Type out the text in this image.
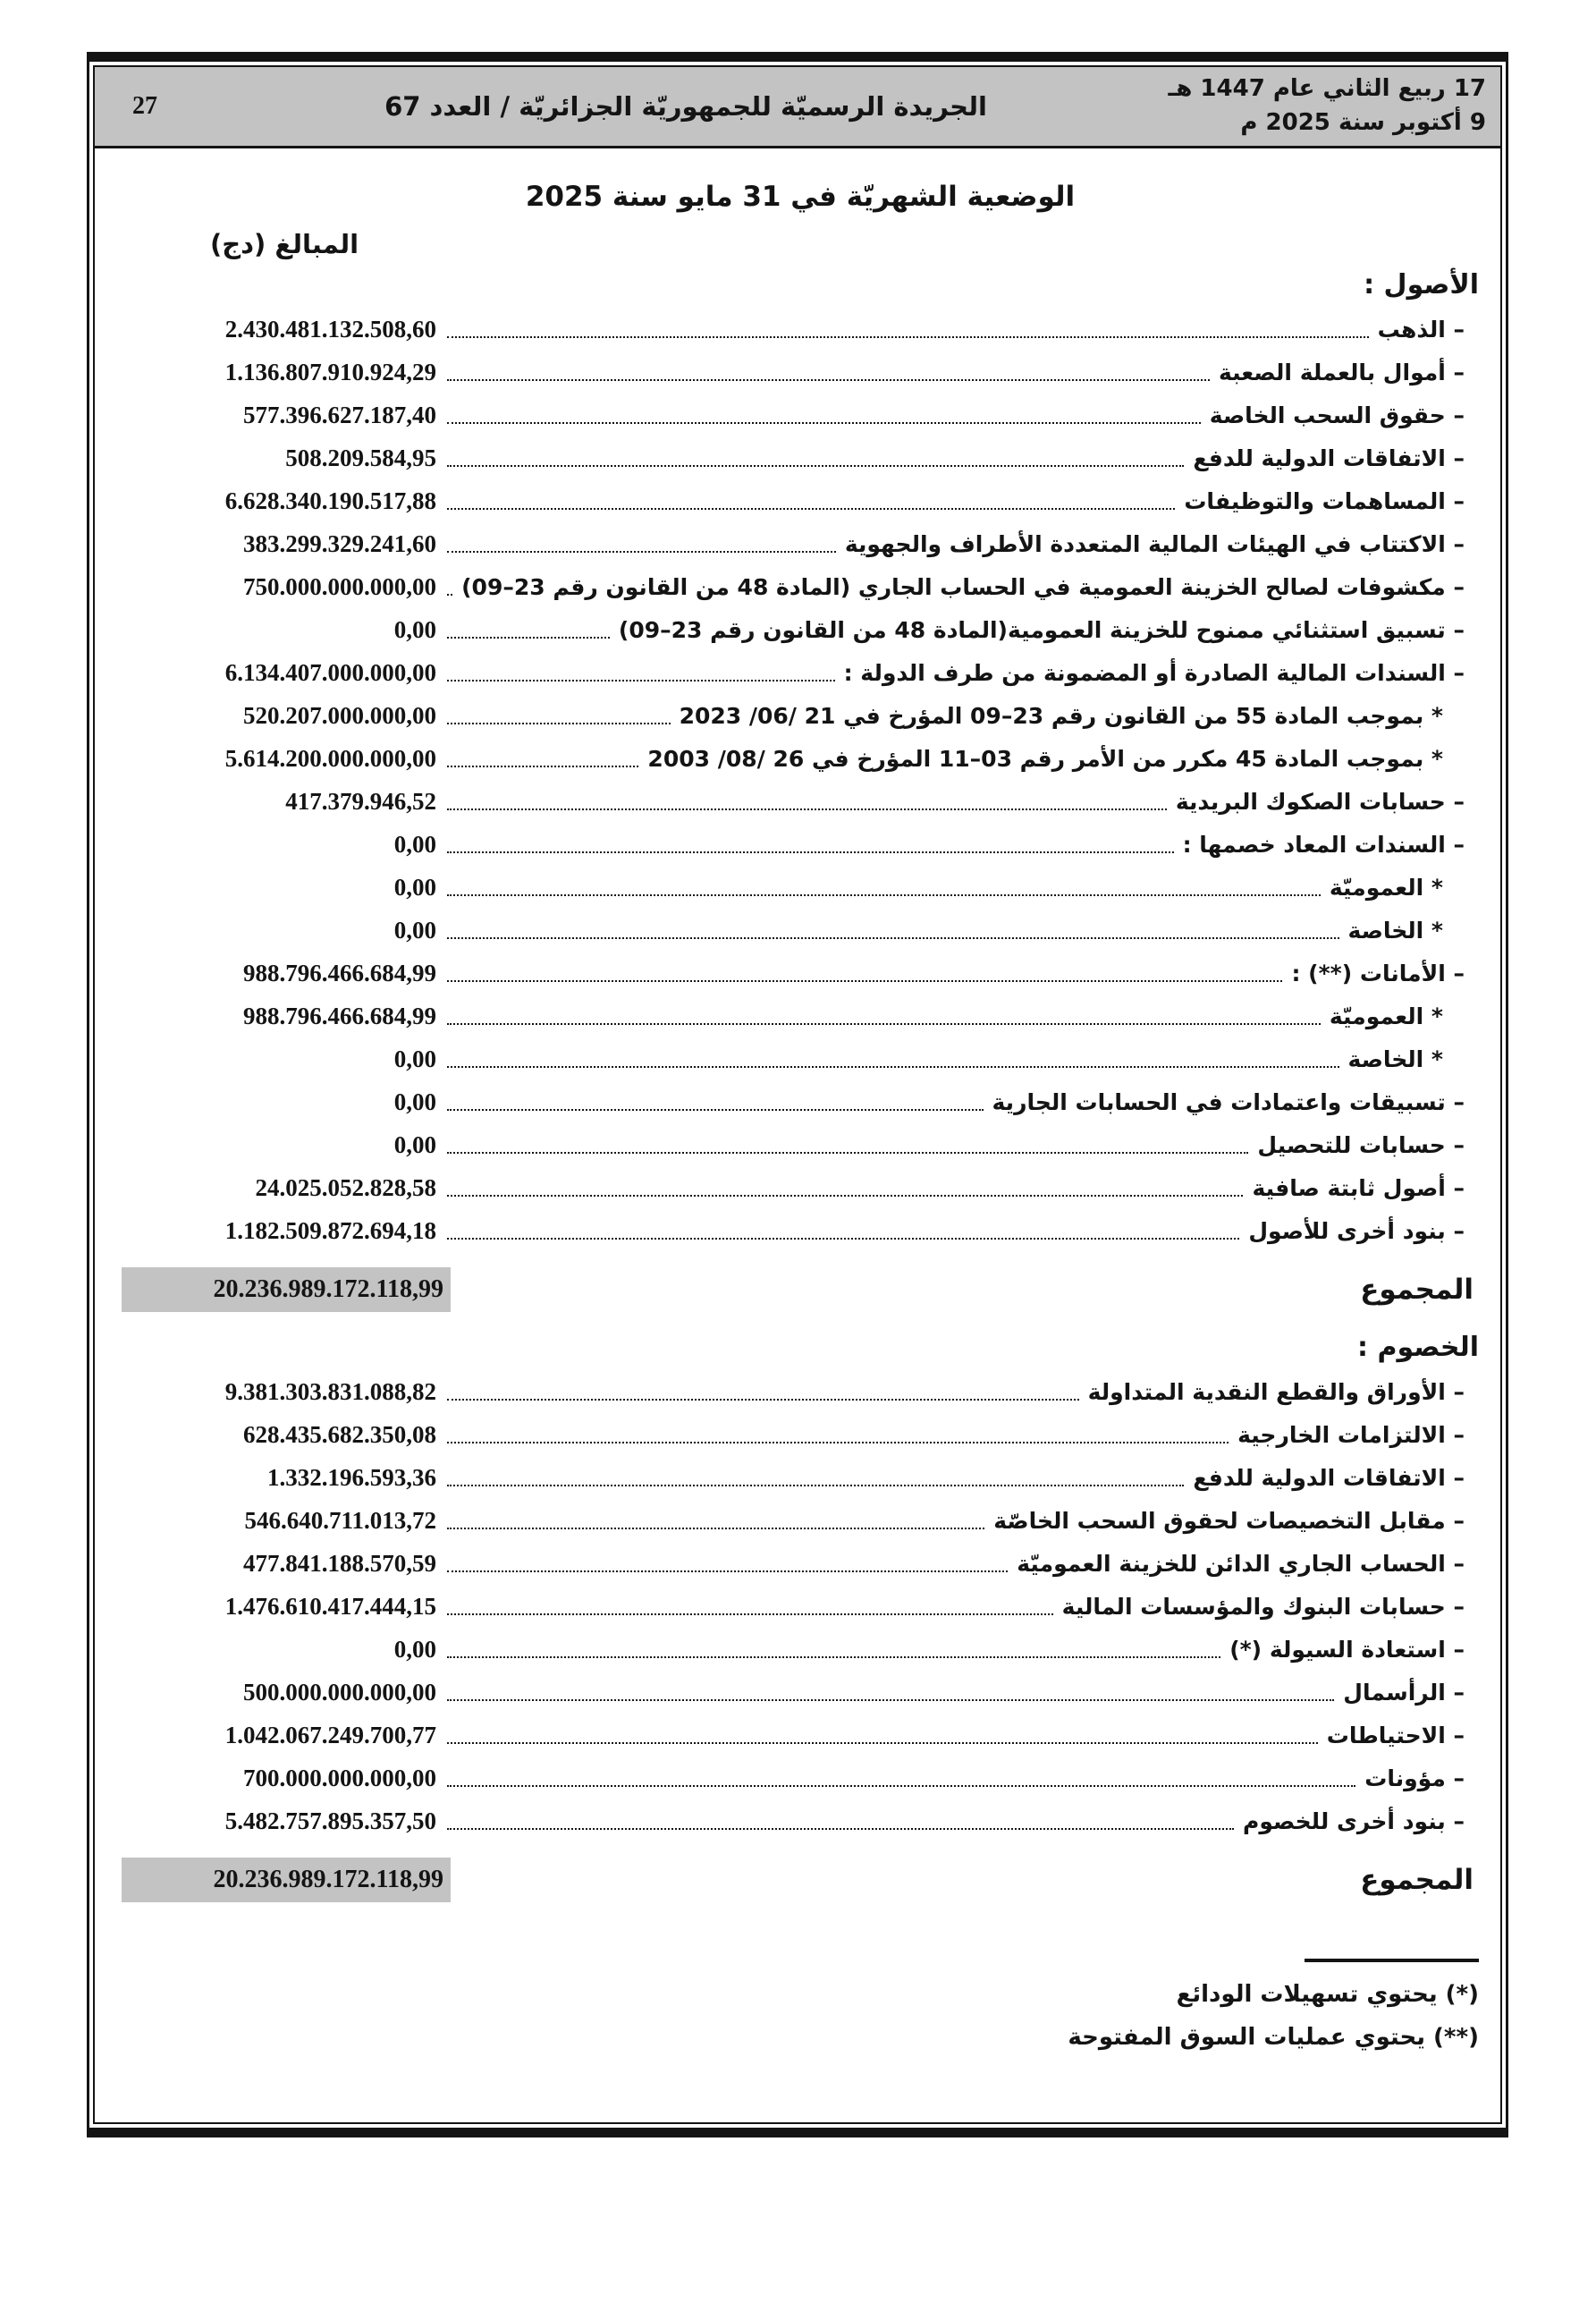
27	الجريدة الرسميّة للجمهوريّة الجزائريّة / العدد 67
17 ربيع الثاني عام 1447 هـ
9 أكتوبر سنة 2025 م
الوضعية الشهريّة في 31 مايو سنة 2025
المبالغ (دج)
الأصول :
– الذهب
2.430.481.132.508,60
– أموال بالعملة الصعبة
1.136.807.910.924,29
– حقوق السحب الخاصة
577.396.627.187,40
– الاتفاقات الدولية للدفع
508.209.584,95
– المساهمات والتوظيفات
6.628.340.190.517,88
– الاكتتاب في الهيئات المالية المتعددة الأطراف والجهوية
383.299.329.241,60
– مكشوفات لصالح الخزينة العمومية في الحساب الجاري (المادة 48 من القانون رقم 23–09)
750.000.000.000,00
– تسبيق استثنائي ممنوح للخزينة العمومية(المادة 48 من القانون رقم 23–09)
0,00
– السندات المالية الصادرة أو المضمونة من طرف الدولة :
6.134.407.000.000,00
* بموجب المادة 55 من القانون رقم 23–09 المؤرخ في 21 /06/ 2023
520.207.000.000,00
* بموجب المادة 45 مكرر من الأمر رقم 03–11 المؤرخ في 26 /08/ 2003
5.614.200.000.000,00
– حسابات الصكوك البريدية
417.379.946,52
– السندات المعاد خصمها :
0,00
* العموميّة
0,00
* الخاصة
0,00
– الأمانات (**) :
988.796.466.684,99
* العموميّة
988.796.466.684,99
* الخاصة
0,00
– تسبيقات واعتمادات في الحسابات الجارية
0,00
– حسابات للتحصيل
0,00
– أصول ثابتة صافية
24.025.052.828,58
– بنود أخرى للأصول
1.182.509.872.694,18
المجموع
20.236.989.172.118,99
الخصوم :
– الأوراق والقطع النقدية المتداولة
9.381.303.831.088,82
– الالتزامات الخارجية
628.435.682.350,08
– الاتفاقات الدولية للدفع
1.332.196.593,36
– مقابل التخصيصات لحقوق السحب الخاصّة
546.640.711.013,72
– الحساب الجاري الدائن للخزينة العموميّة
477.841.188.570,59
– حسابات البنوك والمؤسسات المالية
1.476.610.417.444,15
– استعادة السيولة (*)
0,00
– الرأسمال
500.000.000.000,00
– الاحتياطات
1.042.067.249.700,77
– مؤونات
700.000.000.000,00
– بنود أخرى للخصوم
5.482.757.895.357,50
المجموع
20.236.989.172.118,99
(*) يحتوي تسهيلات الودائع
(**) يحتوي عمليات السوق المفتوحة
